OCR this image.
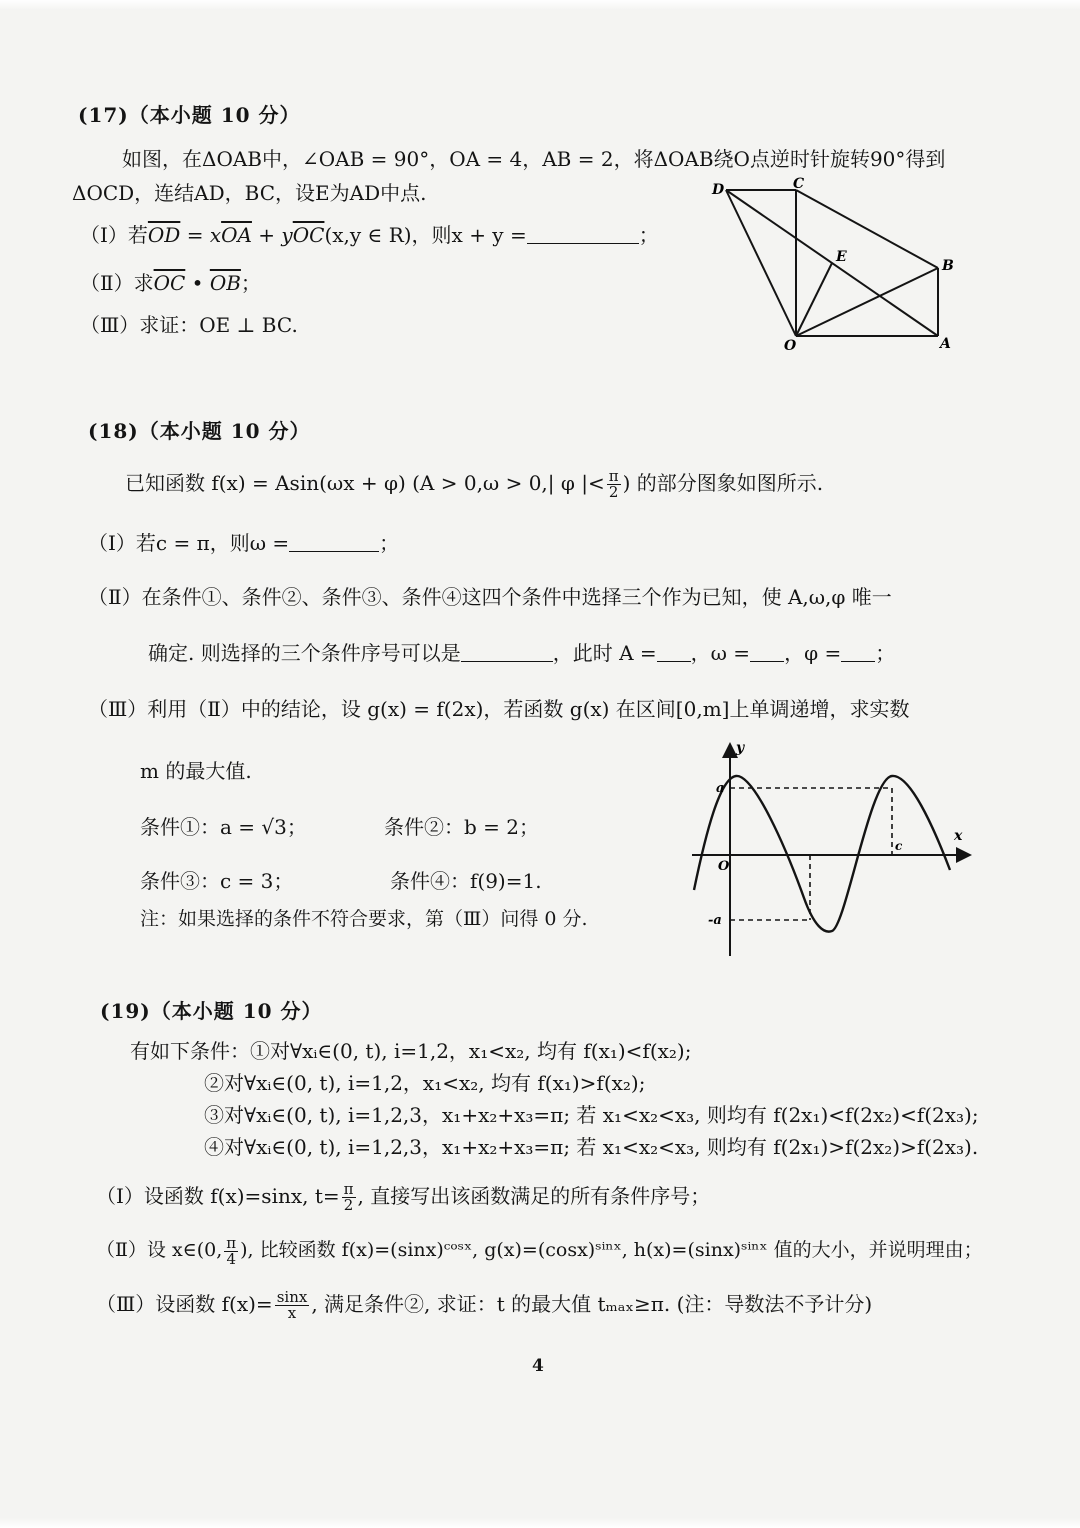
(17)（本小题 10 分）
如图，在ΔOAB中，∠OAB = 90°，OA = 4，AB = 2，将ΔOAB绕O点逆时针旋转90°得到
ΔOCD，连结AD，BC，设E为AD中点.
（Ⅰ）若$\overline{OD} = x\overline{OA} + y\overline{OC}(x,y$ ∈ R)，则x + y =	；
（Ⅱ）求$\overline{OC}$ • $\overline{OB}$；
（Ⅲ）求证：OE ⊥ BC.
D	C
E
B
O	A
(18)（本小题 10 分）
已知函数 f(x) = Asin(ωx + φ) (A > 0,ω > 0,| φ |< $\frac{\pi}{2}$ ) 的部分图象如图所示.
（Ⅰ）若c = π，则ω =	；
（Ⅱ）在条件①、条件②、条件③、条件④这四个条件中选择三个作为已知，使 A,ω,φ 唯一
确定. 则选择的三个条件序号可以是	，此时 A = ，ω = ，φ = ；
（Ⅲ）利用（Ⅱ）中的结论，设 g(x) = f(2x)，若函数 g(x) 在区间[0,m]上单调递增，求实数
m 的最大值.
条件①：a = √3；	条件②：b = 2；
条件③：c = 3；	条件④：f(9)=1.
注：如果选择的条件不符合要求，第（Ⅲ）问得 0 分.
y
x
a
-a
O
c
(19)（本小题 10 分）
有如下条件：①对∀xᵢ∈(0, t), i=1,2，x₁<x₂, 均有 f(x₁)<f(x₂);
②对∀xᵢ∈(0, t), i=1,2，x₁<x₂, 均有 f(x₁)>f(x₂);
③对∀xᵢ∈(0, t), i=1,2,3，x₁+x₂+x₃=π; 若 x₁<x₂<x₃, 则均有 f(2x₁)<f(2x₂)<f(2x₃);
④对∀xᵢ∈(0, t), i=1,2,3，x₁+x₂+x₃=π; 若 x₁<x₂<x₃, 则均有 f(2x₁)>f(2x₂)>f(2x₃).
（Ⅰ）设函数 f(x)=sinx, $t= \frac{\pi}{2}$ , 直接写出该函数满足的所有条件序号；
（Ⅱ）设 x∈(0, $\frac{\pi}{4}$ ), 比较函数 f(x)=(sinx)ᶜᵒˢˣ, g(x)=(cosx)ˢⁱⁿˣ, h(x)=(sinx)ˢⁱⁿˣ 值的大小，并说明理由；
（Ⅲ）设函数 $f(x)= \frac{\sin x}{x}$ , 满足条件②, 求证：t 的最大值 tₘₐₓ≥π. (注：导数法不予计分)
4
